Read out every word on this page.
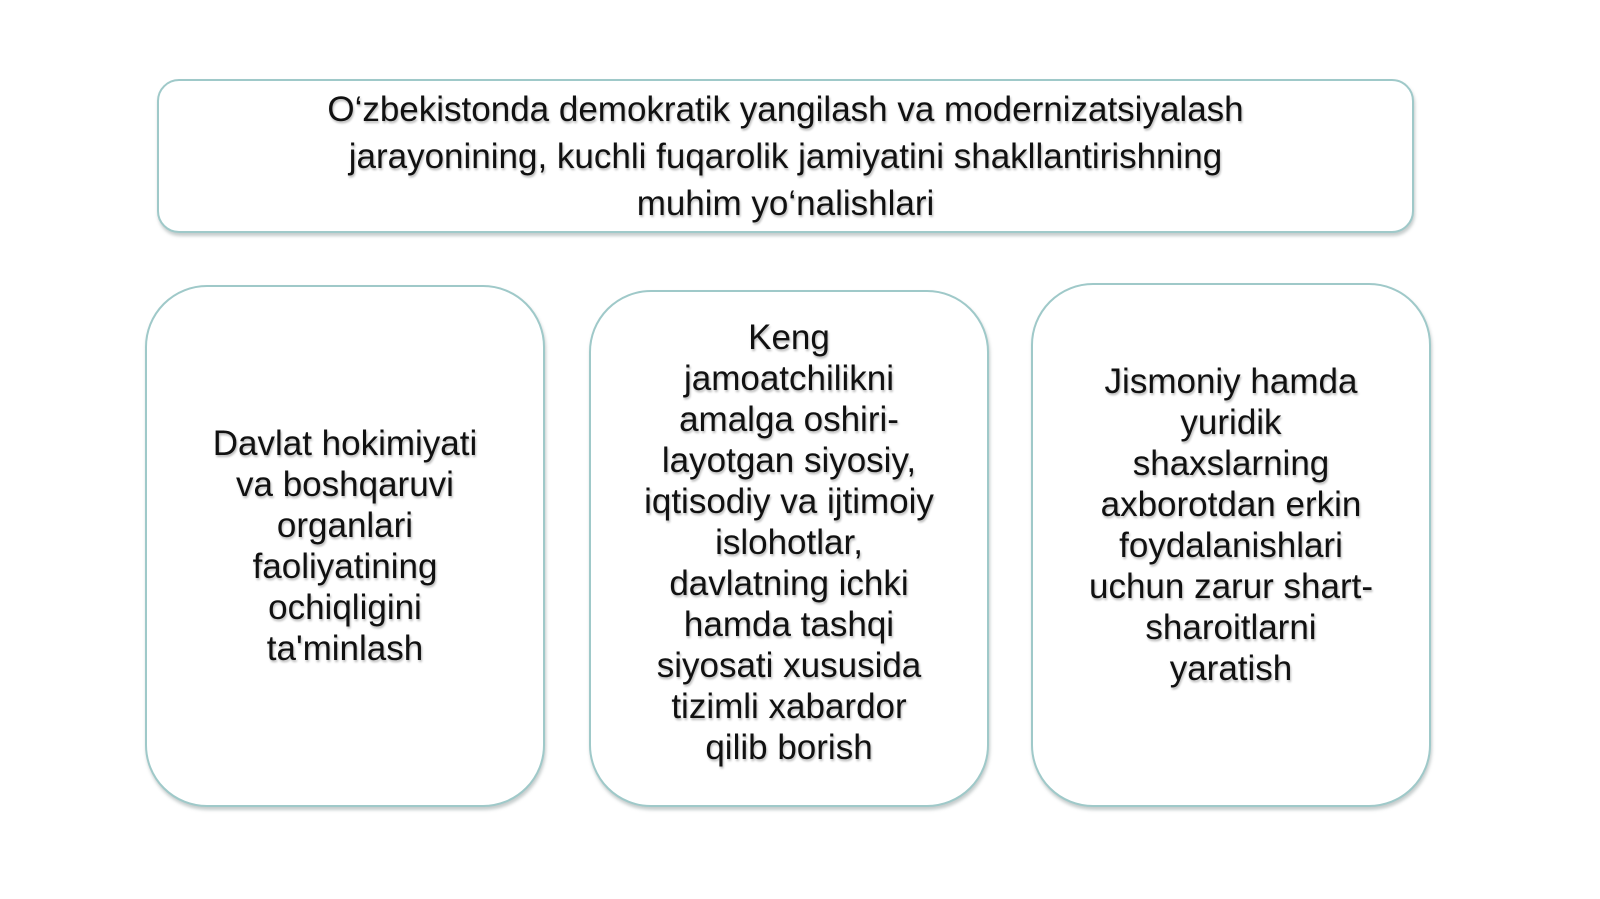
O‘zbekistonda demokratik yangilash va modernizatsiyalash
jarayonining, kuchli fuqarolik jamiyatini shakllantirishning
muhim yo‘nalishlari
Davlat hokimiyati
va boshqaruvi
organlari
faoliyatining
ochiqligini
ta'minlash
Keng
jamoatchilikni
amalga oshiri-
layotgan siyosiy,
iqtisodiy va ijtimoiy
islohotlar,
davlatning ichki
hamda tashqi
siyosati xususida
tizimli xabardor
qilib borish
Jismoniy hamda
yuridik
shaxslarning
axborotdan erkin
foydalanishlari
uchun zarur shart-
sharoitlarni
yaratish
